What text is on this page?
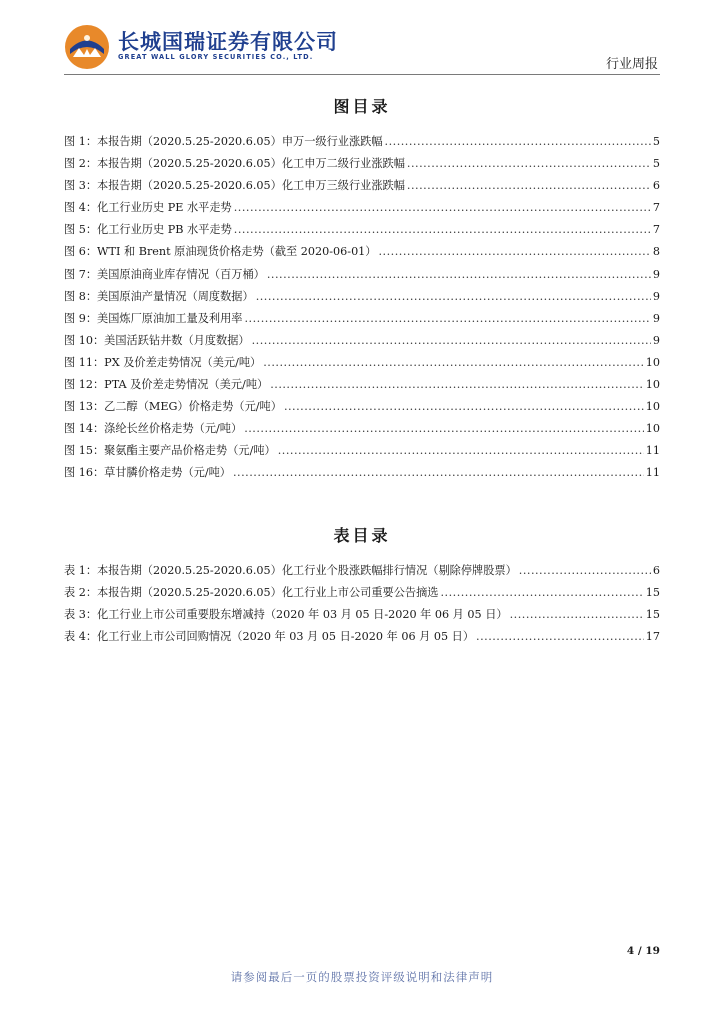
长城国瑞证券有限公司
GREAT WALL GLORY SECURITIES CO., LTD.	行业周报
图目录
图 1：本报告期（2020.5.25-2020.6.05）申万一级行业涨跌幅 .....	5
图 2：本报告期（2020.5.25-2020.6.05）化工申万二级行业涨跌幅 .....	5
图 3：本报告期（2020.5.25-2020.6.05）化工申万三级行业涨跌幅 .....	6
图 4：化工行业历史 PE 水平走势 .....	7
图 5：化工行业历史 PB 水平走势 .....	7
图 6：WTI 和 Brent 原油现货价格走势（截至 2020-06-01） .....	8
图 7：美国原油商业库存情况（百万桶） .....	9
图 8：美国原油产量情况（周度数据） .....	9
图 9：美国炼厂原油加工量及利用率 .....	9
图 10：美国活跃钻井数（月度数据） .....	9
图 11：PX 及价差走势情况（美元/吨） .....	10
图 12：PTA 及价差走势情况（美元/吨） .....	10
图 13：乙二醇（MEG）价格走势（元/吨） .....	10
图 14：涤纶长丝价格走势（元/吨） .....	10
图 15：聚氨酯主要产品价格走势（元/吨） .....	11
图 16：草甘膦价格走势（元/吨） .....	11
表目录
表 1：本报告期（2020.5.25-2020.6.05）化工行业个股涨跌幅排行情况（剔除停牌股票） .....	6
表 2：本报告期（2020.5.25-2020.6.05）化工行业上市公司重要公告摘选 .....	15
表 3：化工行业上市公司重要股东增减持（2020 年 03 月 05 日-2020 年 06 月 05 日） .....	15
表 4：化工行业上市公司回购情况（2020 年 03 月 05 日-2020 年 06 月 05 日） .....	17
4 / 19
请参阅最后一页的股票投资评级说明和法律声明
